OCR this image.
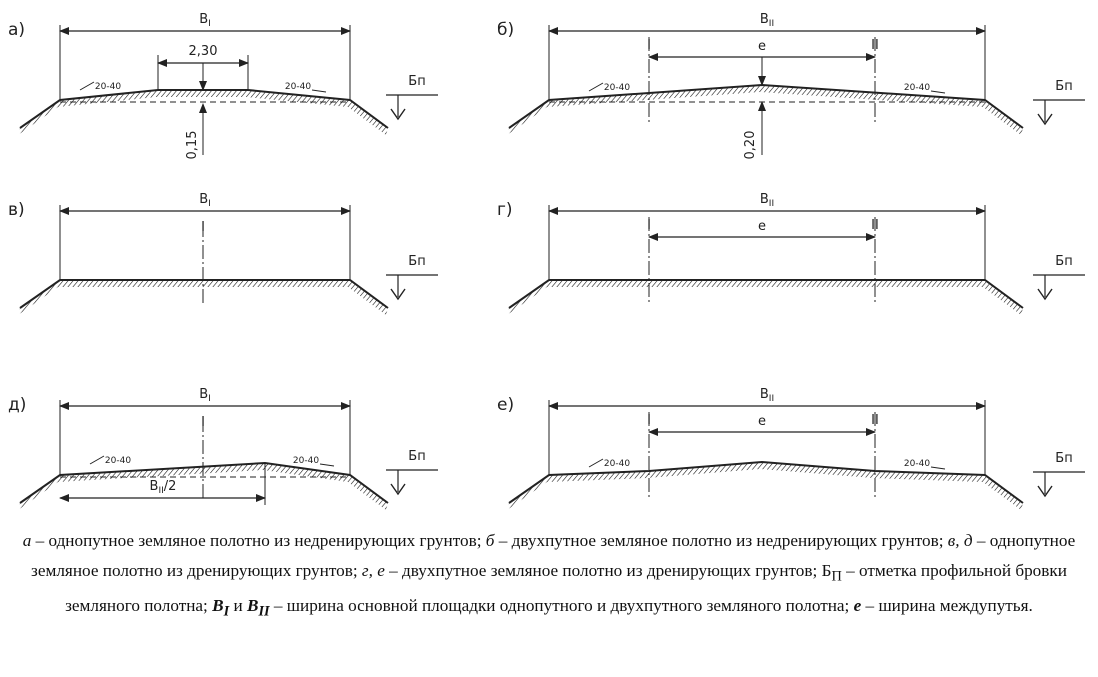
а)
$B_I$
2,30
0,15
20-40	20-40	Бп
б)
$B_{II}$
I	II
е
0,20
20-40	20-40	Бп
в)
$B_I$
I
Бп
г)
$B_{II}$
I	II
е
Бп
д)
$B_I$
I
$B_{II}/2$
20-40	20-40	Бп
е)
$B_{II}$
I	II
е
20-40	20-40	Бп

а – однопутное земляное полотно из недренирующих грунтов; б – двухпутное земляное полотно из недренирующих грунтов; в, д – однопутное земляное полотно из дренирующих грунтов; г, е – двухпутное земляное полотно из дренирующих грунтов; $Б_П$ – отметка профильной бровки земляного полотна; $B_I$ и $B_{II}$ – ширина основной площадки однопутного и двухпутного земляного полотна; е – ширина междупутья.
